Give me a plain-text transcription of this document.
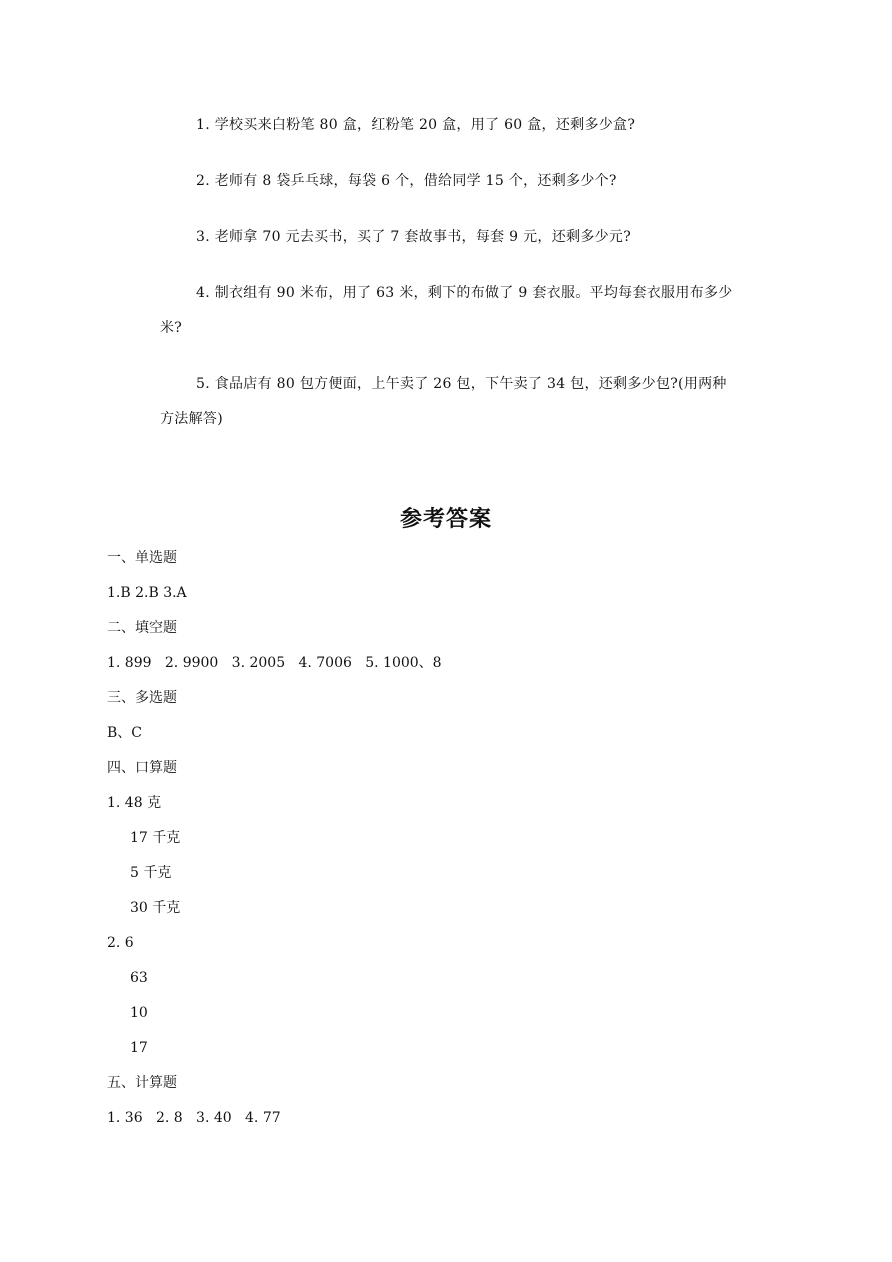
1. 学校买来白粉笔 80 盒，红粉笔 20 盒，用了 60 盒，还剩多少盒?

2. 老师有 8 袋乒乓球，每袋 6 个，借给同学 15 个，还剩多少个?

3. 老师拿 70 元去买书，买了 7 套故事书，每套 9 元，还剩多少元?

4. 制衣组有 90 米布，用了 63 米，剩下的布做了 9 套衣服。平均每套衣服用布多少米?

5. 食品店有 80 包方便面，上午卖了 26 包，下午卖了 34 包，还剩多少包?(用两种方法解答)

参考答案

一、单选题

1.B 2.B 3.A

二、填空题

1. 899   2. 9900   3. 2005   4. 7006   5. 1000、8

三、多选题

B、C

四、口算题

1. 48 克

17 千克

5 千克

30 千克

2. 6

63

10

17

五、计算题

1. 36   2. 8   3. 40   4. 77
